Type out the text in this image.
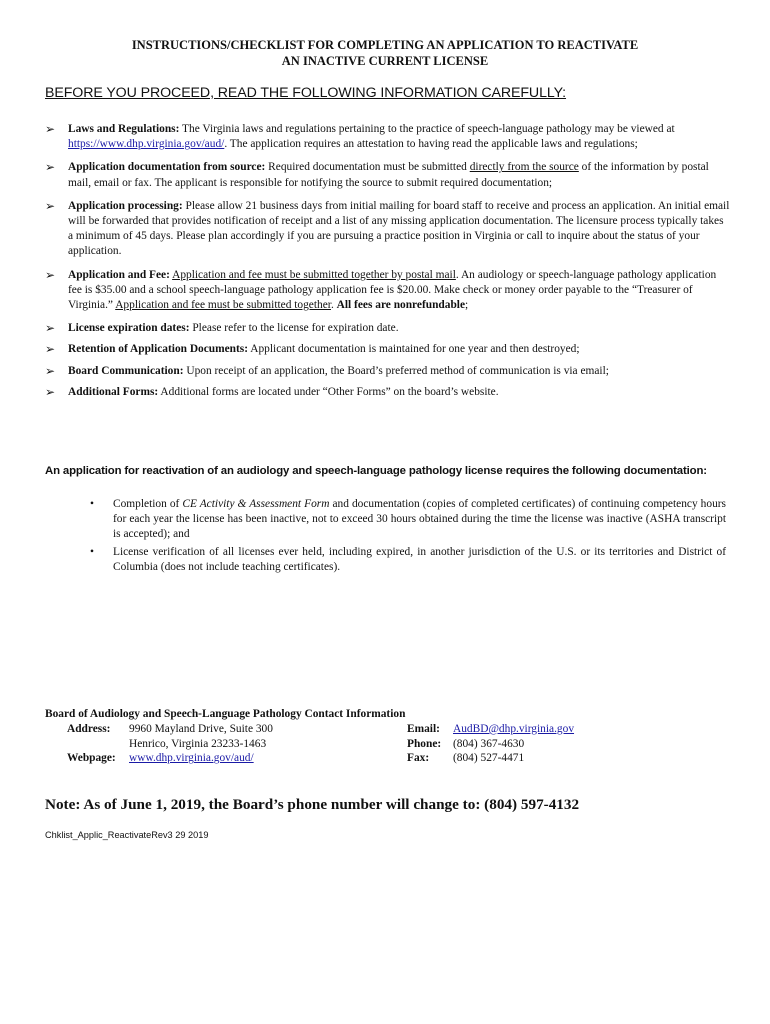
INSTRUCTIONS/CHECKLIST FOR COMPLETING AN APPLICATION TO REACTIVATE
AN INACTIVE CURRENT LICENSE
BEFORE YOU PROCEED, READ THE FOLLOWING INFORMATION CAREFULLY:
➢ Laws and Regulations: The Virginia laws and regulations pertaining to the practice of speech-language pathology may be viewed at https://www.dhp.virginia.gov/aud/. The application requires an attestation to having read the applicable laws and regulations;
➢ Application documentation from source: Required documentation must be submitted directly from the source of the information by postal mail, email or fax. The applicant is responsible for notifying the source to submit required documentation;
➢ Application processing: Please allow 21 business days from initial mailing for board staff to receive and process an application. An initial email will be forwarded that provides notification of receipt and a list of any missing application documentation. The licensure process typically takes a minimum of 45 days. Please plan accordingly if you are pursuing a practice position in Virginia or call to inquire about the status of your application.
➢ Application and Fee: Application and fee must be submitted together by postal mail. An audiology or speech-language pathology application fee is $35.00 and a school speech-language pathology application fee is $20.00. Make check or money order payable to the “Treasurer of Virginia.” Application and fee must be submitted together. All fees are nonrefundable;
➢ License expiration dates: Please refer to the license for expiration date.
➢ Retention of Application Documents: Applicant documentation is maintained for one year and then destroyed;
➢ Board Communication: Upon receipt of an application, the Board’s preferred method of communication is via email;
➢ Additional Forms: Additional forms are located under “Other Forms” on the board’s website.
An application for reactivation of an audiology and speech-language pathology license requires the following documentation:
• Completion of CE Activity & Assessment Form and documentation (copies of completed certificates) of continuing competency hours for each year the license has been inactive, not to exceed 30 hours obtained during the time the license was inactive (ASHA transcript is accepted); and
• License verification of all licenses ever held, including expired, in another jurisdiction of the U.S. or its territories and District of Columbia (does not include teaching certificates).
Board of Audiology and Speech-Language Pathology Contact Information
Address: 9960 Mayland Drive, Suite 300	Email: AudBD@dhp.virginia.gov
Henrico, Virginia 23233-1463	Phone: (804) 367-4630
Webpage: www.dhp.virginia.gov/aud/	Fax: (804) 527-4471
Note: As of June 1, 2019, the Board’s phone number will change to: (804) 597-4132
Chklist_Applic_ReactivateRev3 29 2019
